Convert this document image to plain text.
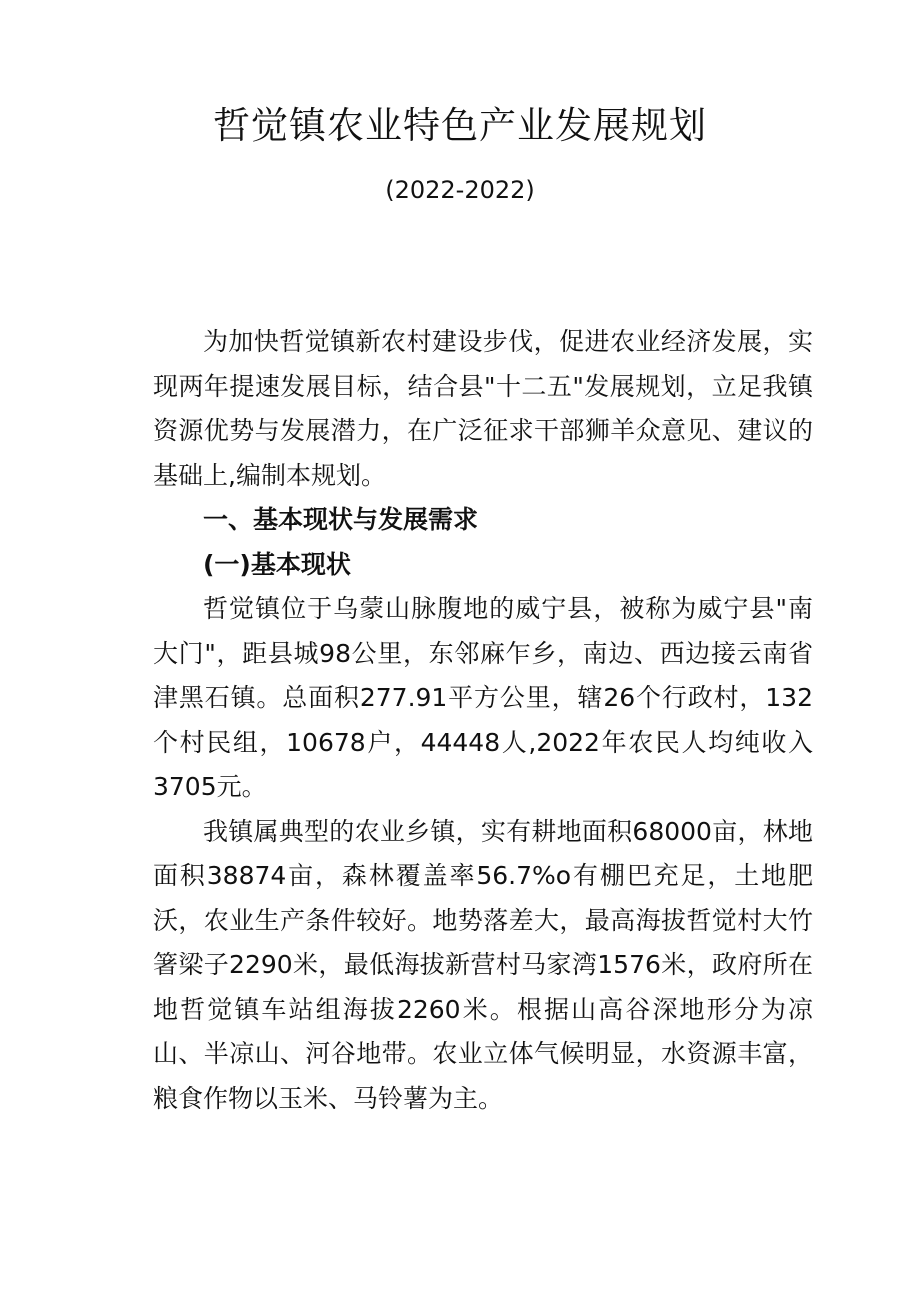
哲觉镇农业特色产业发展规划
(2022-2022)

为加快哲觉镇新农村建设步伐，促进农业经济发展，实现两年提速发展目标，结合县"十二五"发展规划，立足我镇资源优势与发展潜力，在广泛征求干部狮羊众意见、建议的基础上,编制本规划。

一、基本现状与发展需求

(一)基本现状

哲觉镇位于乌蒙山脉腹地的威宁县，被称为威宁县"南大门"，距县城98公里，东邻麻乍乡，南边、西边接云南省津黑石镇。总面积277.91平方公里，辖26个行政村，132个村民组，10678户，44448人,2022年农民人均纯收入3705元。

我镇属典型的农业乡镇，实有耕地面积68000亩，林地面积38874亩，森林覆盖率56.7%o有棚巴充足，土地肥沃，农业生产条件较好。地势落差大，最高海拔哲觉村大竹箸梁子2290米，最低海拔新营村马家湾1576米，政府所在地哲觉镇车站组海拔2260米。根据山高谷深地形分为凉山、半凉山、河谷地带。农业立体气候明显，水资源丰富，粮食作物以玉米、马铃薯为主。
